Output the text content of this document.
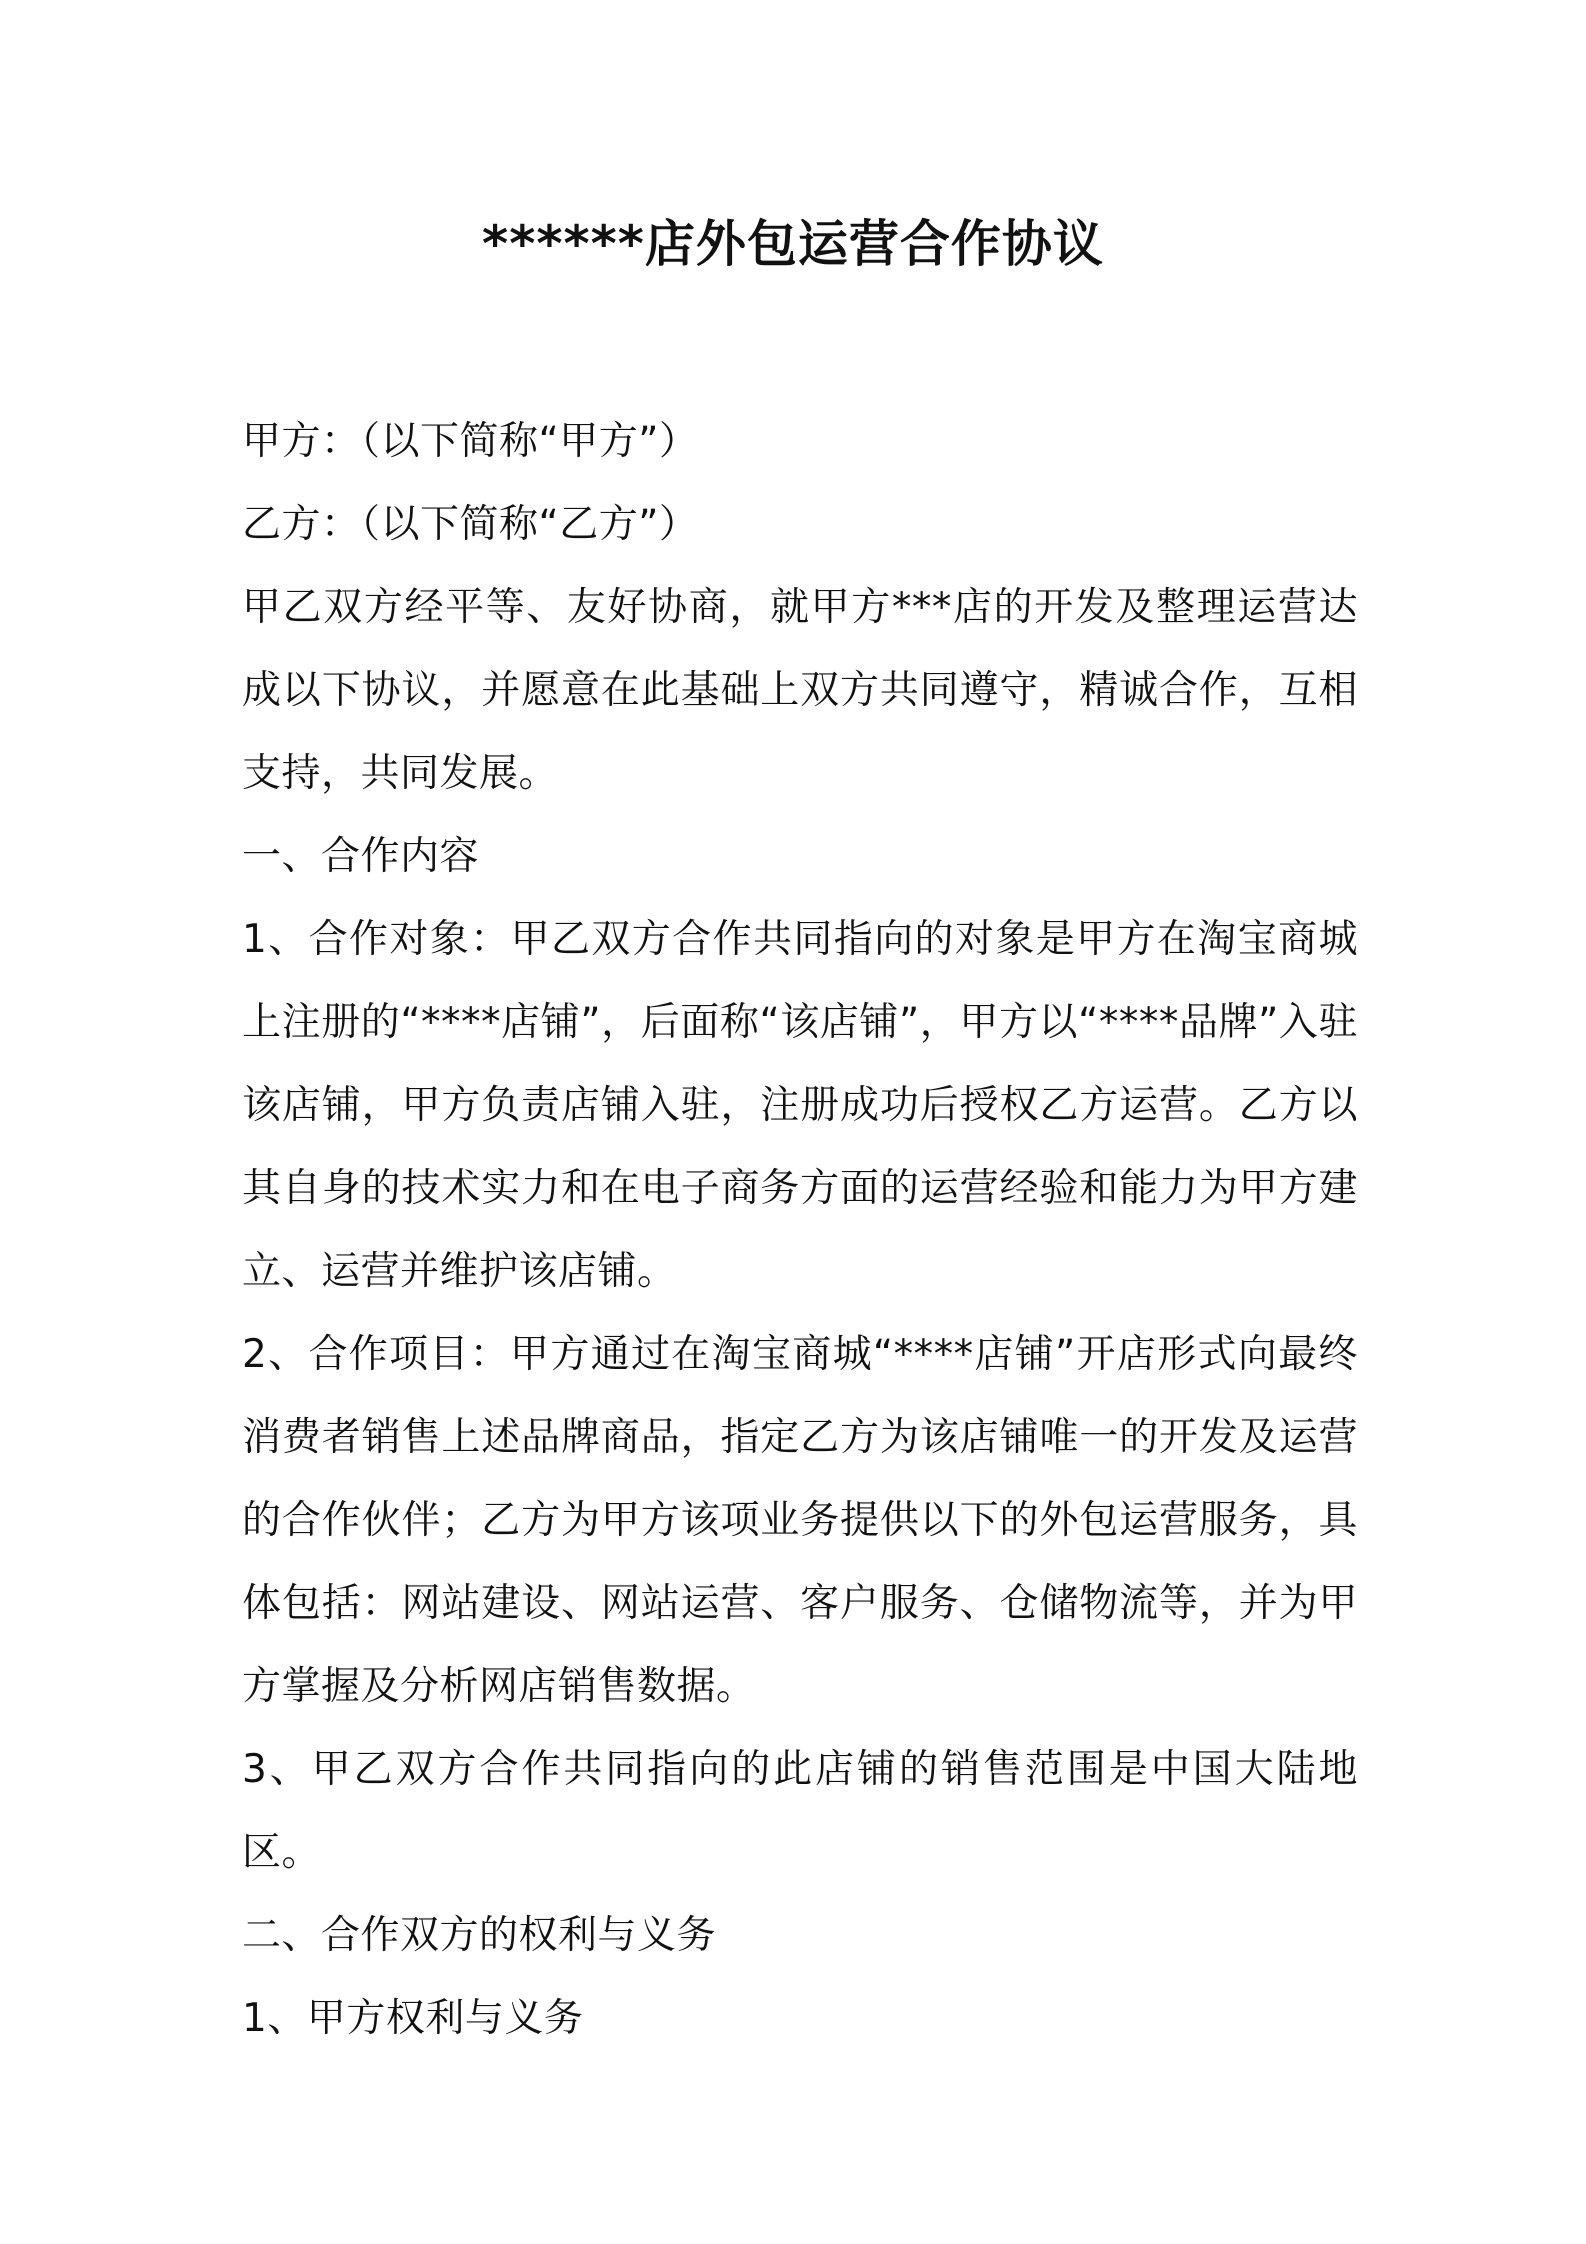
******店外包运营合作协议

甲方：（以下简称“甲方”）

乙方：（以下简称“乙方”）

甲乙双方经平等、友好协商，就甲方***店的开发及整理运营达成以下协议，并愿意在此基础上双方共同遵守，精诚合作，互相支持，共同发展。

一、合作内容

1、合作对象：甲乙双方合作共同指向的对象是甲方在淘宝商城上注册的“****店铺”，后面称“该店铺”，甲方以“****品牌”入驻该店铺，甲方负责店铺入驻，注册成功后授权乙方运营。乙方以其自身的技术实力和在电子商务方面的运营经验和能力为甲方建立、运营并维护该店铺。

2、合作项目：甲方通过在淘宝商城“****店铺”开店形式向最终消费者销售上述品牌商品，指定乙方为该店铺唯一的开发及运营的合作伙伴；乙方为甲方该项业务提供以下的外包运营服务，具体包括：网站建设、网站运营、客户服务、仓储物流等，并为甲方掌握及分析网店销售数据。

3、甲乙双方合作共同指向的此店铺的销售范围是中国大陆地区。

二、合作双方的权利与义务

1、甲方权利与义务
